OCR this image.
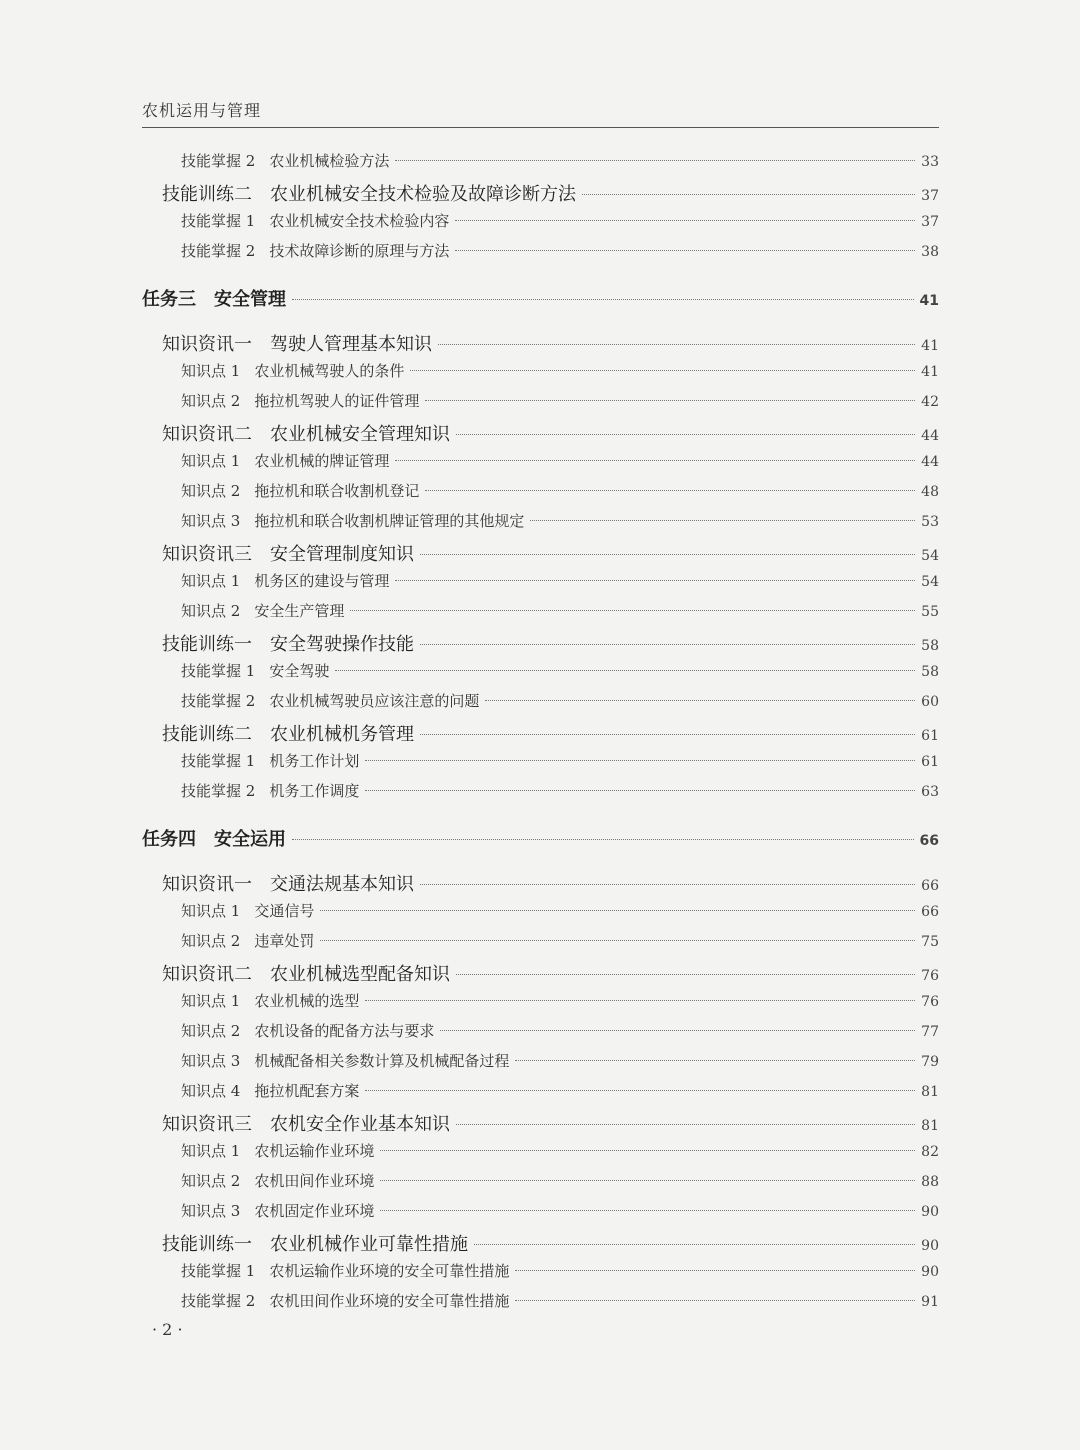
农机运用与管理
技能掌握 2 农业机械检验方法	33
技能训练二 农业机械安全技术检验及故障诊断方法	37
技能掌握 1 农业机械安全技术检验内容	37
技能掌握 2 技术故障诊断的原理与方法	38
任务三 安全管理	41
知识资讯一 驾驶人管理基本知识	41
知识点 1 农业机械驾驶人的条件	41
知识点 2 拖拉机驾驶人的证件管理	42
知识资讯二 农业机械安全管理知识	44
知识点 1 农业机械的牌证管理	44
知识点 2 拖拉机和联合收割机登记	48
知识点 3 拖拉机和联合收割机牌证管理的其他规定	53
知识资讯三 安全管理制度知识	54
知识点 1 机务区的建设与管理	54
知识点 2 安全生产管理	55
技能训练一 安全驾驶操作技能	58
技能掌握 1 安全驾驶	58
技能掌握 2 农业机械驾驶员应该注意的问题	60
技能训练二 农业机械机务管理	61
技能掌握 1 机务工作计划	61
技能掌握 2 机务工作调度	63
任务四 安全运用	66
知识资讯一 交通法规基本知识	66
知识点 1 交通信号	66
知识点 2 违章处罚	75
知识资讯二 农业机械选型配备知识	76
知识点 1 农业机械的选型	76
知识点 2 农机设备的配备方法与要求	77
知识点 3 机械配备相关参数计算及机械配备过程	79
知识点 4 拖拉机配套方案	81
知识资讯三 农机安全作业基本知识	81
知识点 1 农机运输作业环境	82
知识点 2 农机田间作业环境	88
知识点 3 农机固定作业环境	90
技能训练一 农业机械作业可靠性措施	90
技能掌握 1 农机运输作业环境的安全可靠性措施	90
技能掌握 2 农机田间作业环境的安全可靠性措施	91
· 2 ·
